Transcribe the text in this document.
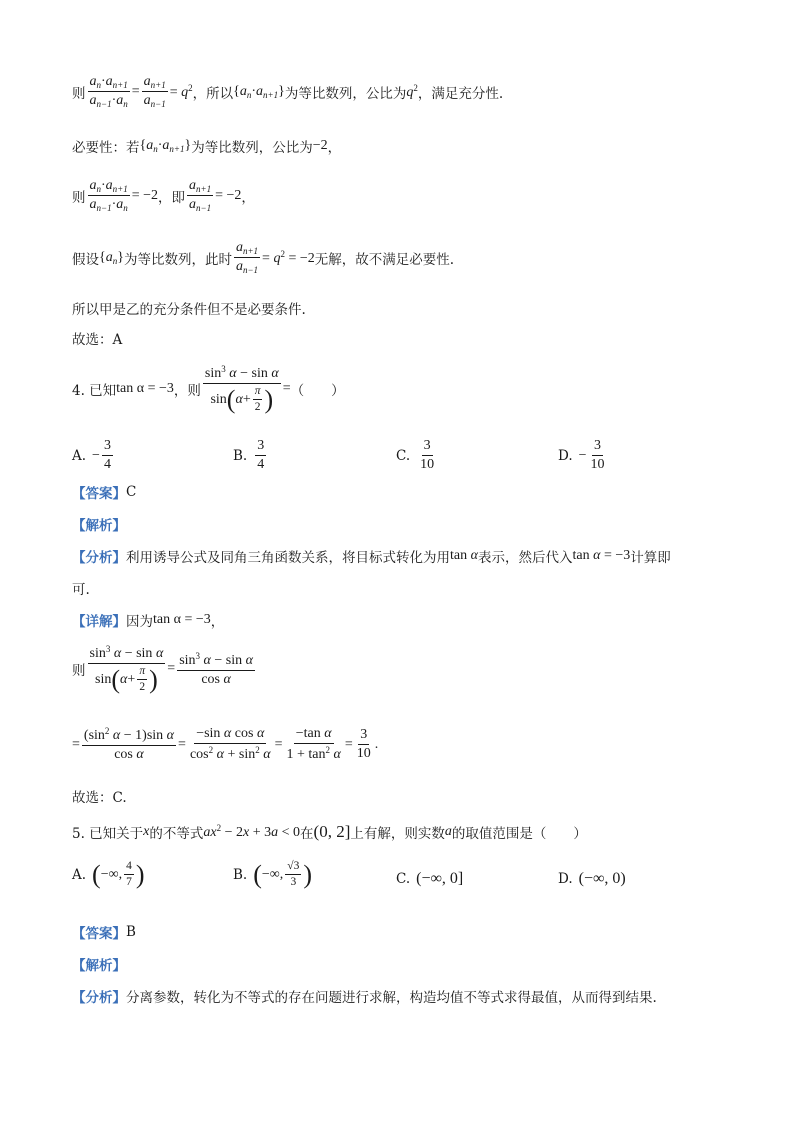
则 $\frac{a_n\cdot a_{n+1}}{a_{n-1}\cdot a_n} = \frac{a_{n+1}}{a_{n-1}} = q^2$ ，所以 $\{a_n\cdot a_{n+1}\}$ 为等比数列，公比为 $q^2$ ，满足充分性.
必要性：若 $\{a_n\cdot a_{n+1}\}$ 为等比数列，公比为 −2 ，
则 $\frac{a_n\cdot a_{n+1}}{a_{n-1}\cdot a_n} = -2$ ，即 $\frac{a_{n+1}}{a_{n-1}} = -2$ ，
假设 $\{a_n\}$ 为等比数列，此时 $\frac{a_{n+1}}{a_{n-1}} = q^2 = -2$ 无解，故不满足必要性.
所以甲是乙的充分条件但不是必要条件.
故选：A
4. 已知 tan α = −3 ，则 $\frac{\sin^3 \alpha - \sin \alpha}{\sin ( \alpha + \frac{\pi}{2} )}$ = （　　）
A. − $\frac{3}{4}$	B. $\frac{3}{4}$	C. $\frac{3}{10}$	D. − $\frac{3}{10}$
【答案】 C
【解析】
【分析】 利用诱导公式及同角三角函数关系，将目标式转化为用 tan α 表示，然后代入 tan α = −3 计算即
可.
【详解】 因为 tan α = −3 ，
则 $\frac{\sin^3 \alpha - \sin \alpha}{\sin ( \alpha + \frac{\pi}{2} )} = \frac{\sin^3 \alpha - \sin \alpha}{\text{cos α}}$
= $\frac{(\sin^2 \alpha - 1)\sin \alpha}{\text{cos α}} = \frac{\text{−sin α cos α}}{\cos^2 \alpha + \sin^2 \alpha} = \frac{\text{−tan α}}{1 + \tan^2 \alpha} = \frac{3}{10}$ .
故选：C.
5. 已知关于 x 的不等式 $ax^2 - 2x + 3a < 0$ 在 (0, 2] 上有解，则实数 a 的取值范围是（　　）
A. ( −∞, $\frac{4}{7}$ )	B. ( −∞, $\frac{√3}{3}$ )	C. (−∞, 0]	D. (−∞, 0)
【答案】 B
【解析】
【分析】 分离参数，转化为不等式的存在问题进行求解，构造均值不等式求得最值，从而得到结果.
